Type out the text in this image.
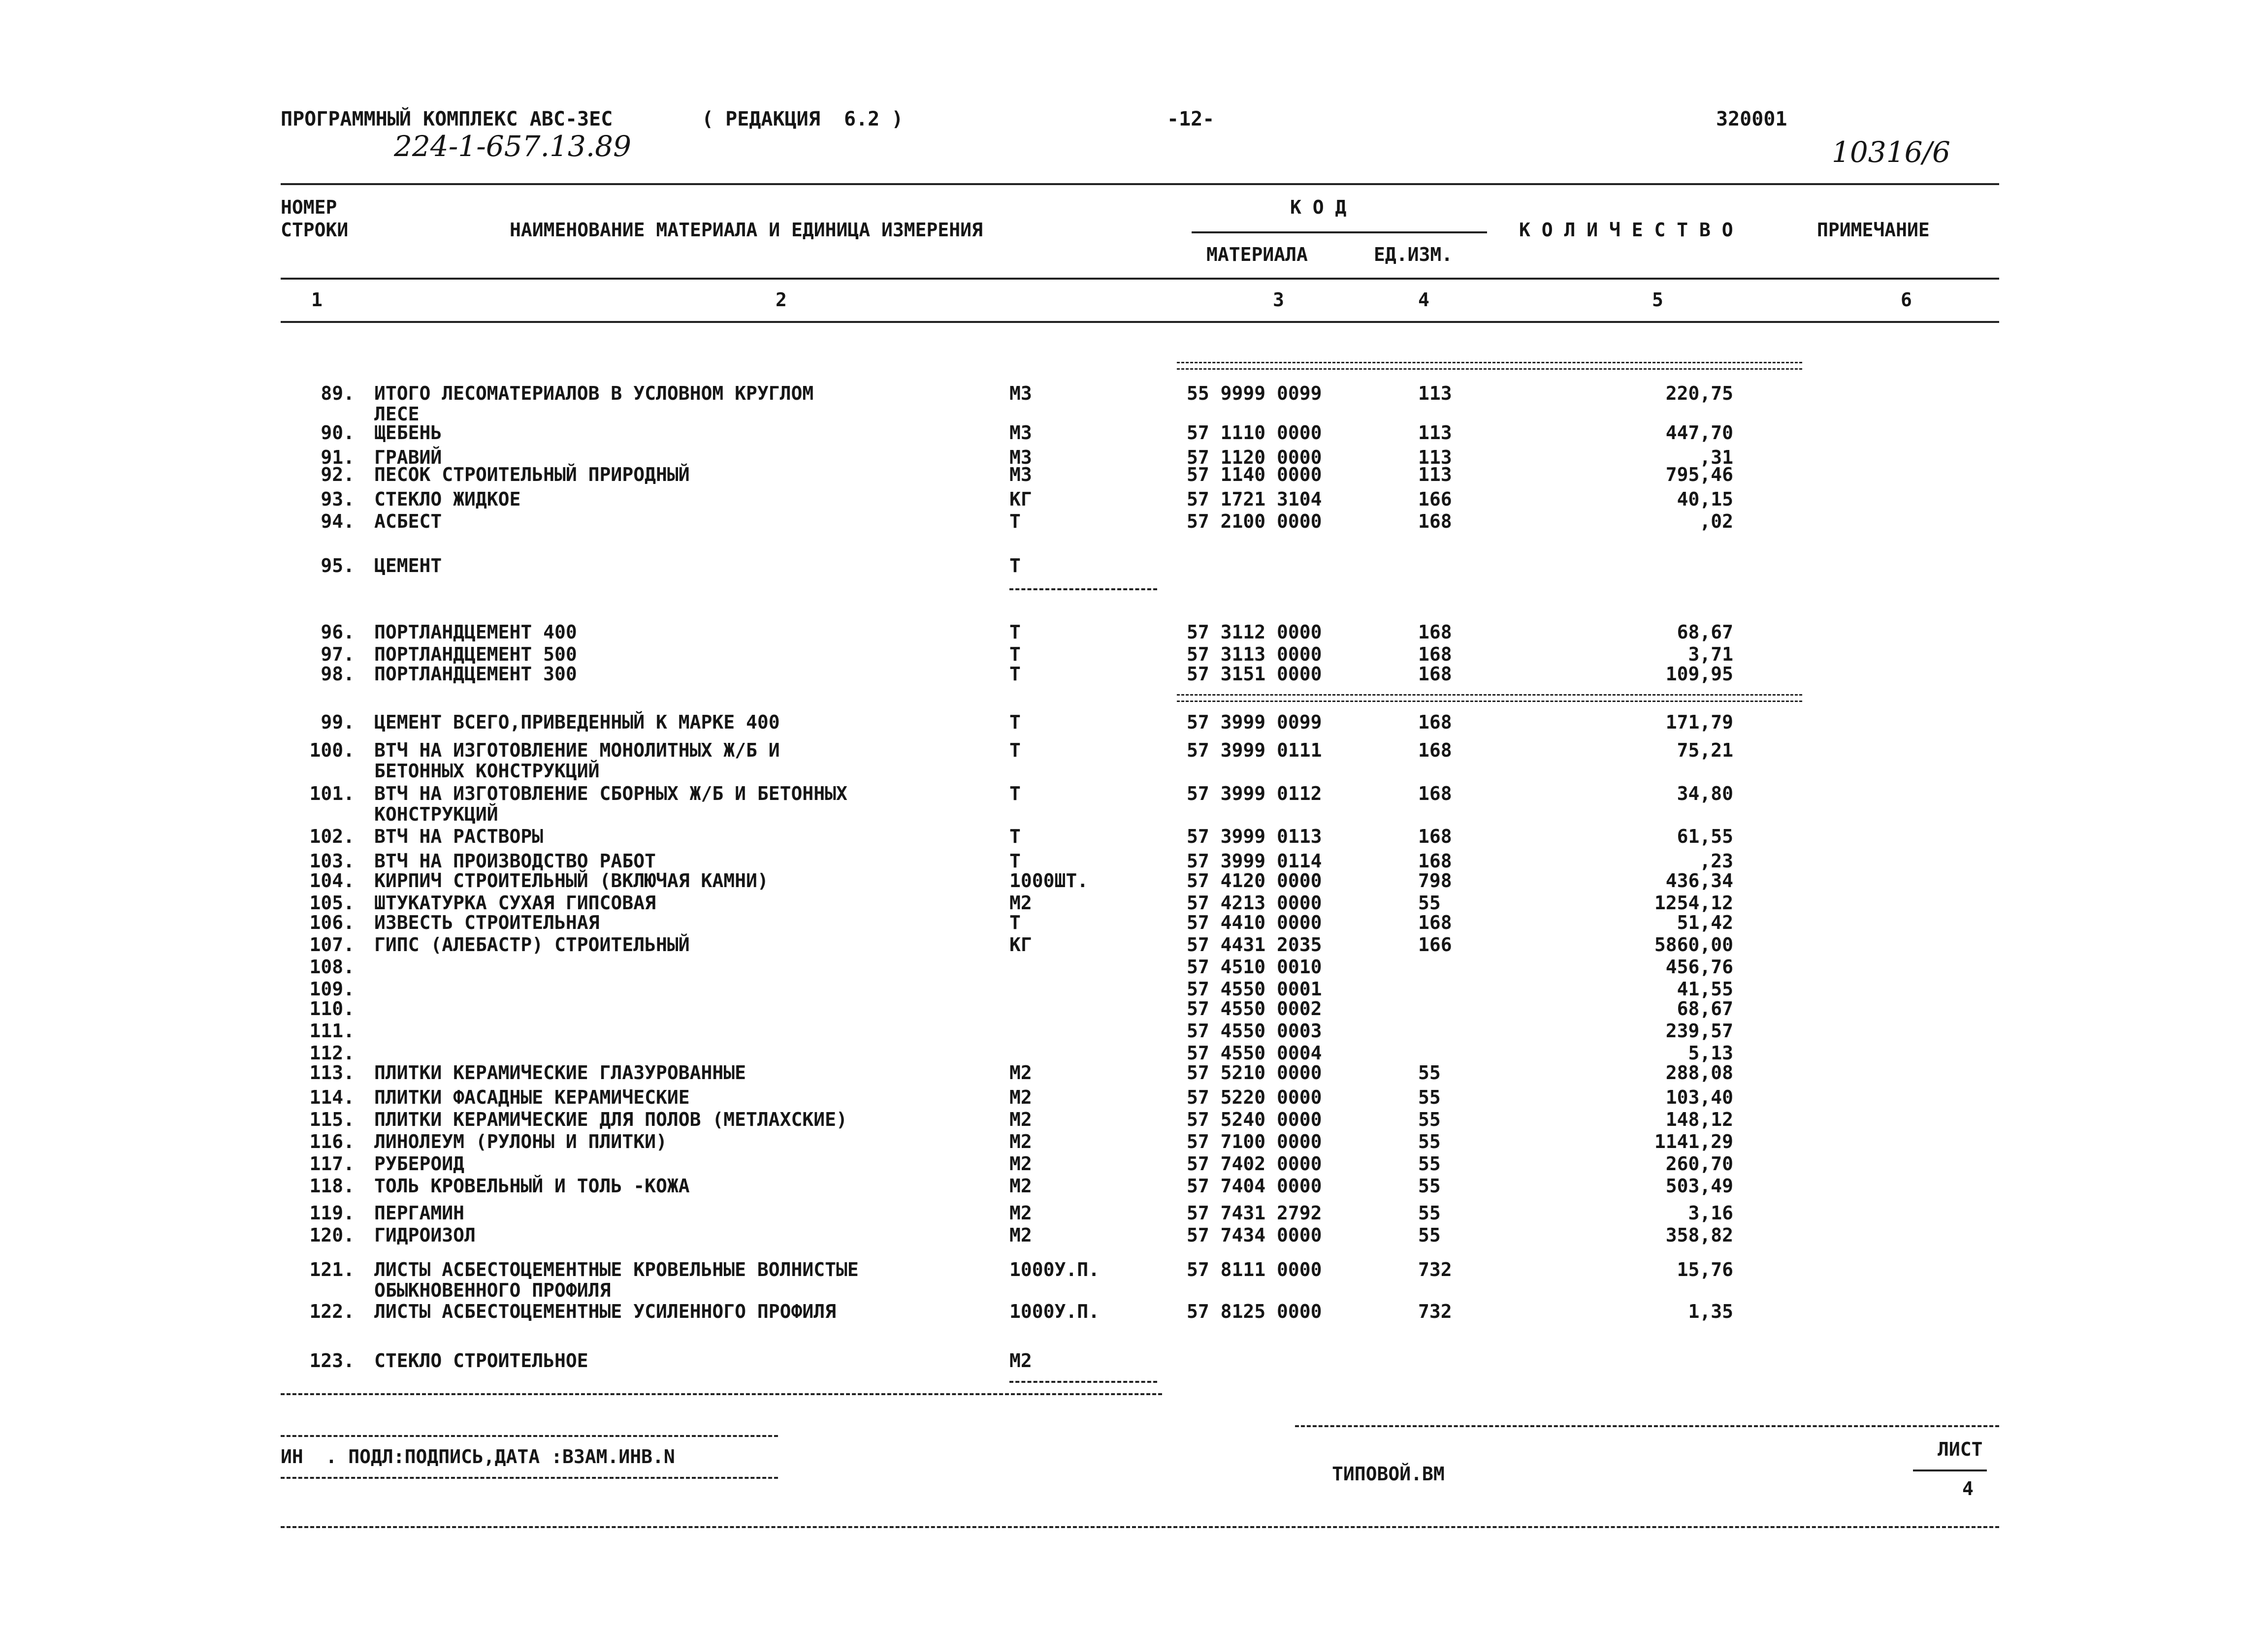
ПРОГРАММНЫЙ КОМПЛЕКС АВС-3ЕС	( РЕДАКЦИЯ  6.2 )	-12-	320001
224-1-657.13.89	10316/6
НОМЕР
СТРОКИ	НАИМЕНОВАНИЕ МАТЕРИАЛА И ЕДИНИЦА ИЗМЕРЕНИЯ
К О Д
МАТЕРИАЛА	ЕД.ИЗМ.
К О Л И Ч Е С Т В О	ПРИМЕЧАНИЕ
1	2	3	4	5	6
89. ИТОГО ЛЕСОМАТЕРИАЛОВ В УСЛОВНОМ КРУГЛОМ
ЛЕСЕ
М3	55 9999 0099	113	220,75
90. ЩЕБЕНЬ	М3	57 1110 0000	113	447,70
91. ГРАВИЙ	М3	57 1120 0000	113	,31
92. ПЕСОК СТРОИТЕЛЬНЫЙ ПРИРОДНЫЙ	М3	57 1140 0000	113	795,46
93. СТЕКЛО ЖИДКОЕ	КГ	57 1721 3104	166	40,15
94. АСБЕСТ	Т	57 2100 0000	168	,02
95. ЦЕМЕНТ	Т
96. ПОРТЛАНДЦЕМЕНТ 400	Т	57 3112 0000	168	68,67
97. ПОРТЛАНДЦЕМЕНТ 500	Т	57 3113 0000	168	3,71
98. ПОРТЛАНДЦЕМЕНТ 300	Т	57 3151 0000	168	109,95
99. ЦЕМЕНТ ВСЕГО,ПРИВЕДЕННЫЙ К МАРКЕ 400	Т	57 3999 0099	168	171,79
100. ВТЧ НА ИЗГОТОВЛЕНИЕ МОНОЛИТНЫХ Ж/Б И
БЕТОННЫХ КОНСТРУКЦИЙ
Т	57 3999 0111	168	75,21
101. ВТЧ НА ИЗГОТОВЛЕНИЕ СБОРНЫХ Ж/Б И БЕТОННЫХ
КОНСТРУКЦИЙ
Т	57 3999 0112	168	34,80
102. ВТЧ НА РАСТВОРЫ	Т	57 3999 0113	168	61,55
103. ВТЧ НА ПРОИЗВОДСТВО РАБОТ	Т	57 3999 0114	168	,23
104. КИРПИЧ СТРОИТЕЛЬНЫЙ (ВКЛЮЧАЯ КАМНИ)	1000ШТ.	57 4120 0000	798	436,34
105. ШТУКАТУРКА СУХАЯ ГИПСОВАЯ	М2	57 4213 0000	55	1254,12
106. ИЗВЕСТЬ СТРОИТЕЛЬНАЯ	Т	57 4410 0000	168	51,42
107. ГИПС (АЛЕБАСТР) СТРОИТЕЛЬНЫЙ	КГ	57 4431 2035	166	5860,00
108.	57 4510 0010	456,76
109.	57 4550 0001	41,55
110.	57 4550 0002	68,67
111.	57 4550 0003	239,57
112.	57 4550 0004	5,13
113. ПЛИТКИ КЕРАМИЧЕСКИЕ ГЛАЗУРОВАННЫЕ	М2	57 5210 0000	55	288,08
114. ПЛИТКИ ФАСАДНЫЕ КЕРАМИЧЕСКИЕ	М2	57 5220 0000	55	103,40
115. ПЛИТКИ КЕРАМИЧЕСКИЕ ДЛЯ ПОЛОВ (МЕТЛАХСКИЕ)	М2	57 5240 0000	55	148,12
116. ЛИНОЛЕУМ (РУЛОНЫ И ПЛИТКИ)	М2	57 7100 0000	55	1141,29
117. РУБЕРОИД	М2	57 7402 0000	55	260,70
118. ТОЛЬ КРОВЕЛЬНЫЙ И ТОЛЬ -КОЖА	М2	57 7404 0000	55	503,49
119. ПЕРГАМИН	М2	57 7431 2792	55	3,16
120. ГИДРОИЗОЛ	М2	57 7434 0000	55	358,82
121. ЛИСТЫ АСБЕСТОЦЕМЕНТНЫЕ КРОВЕЛЬНЫЕ ВОЛНИСТЫЕ
ОБЫКНОВЕННОГО ПРОФИЛЯ
1000У.П.	57 8111 0000	732	15,76
122. ЛИСТЫ АСБЕСТОЦЕМЕНТНЫЕ УСИЛЕННОГО ПРОФИЛЯ	1000У.П.	57 8125 0000	732	1,35
123. СТЕКЛО СТРОИТЕЛЬНОЕ	М2
ИН  . ПОДЛ:ПОДПИСЬ,ДАТА :ВЗАМ.ИНВ.N
ТИПОВОЙ.ВМ
ЛИСТ
4
